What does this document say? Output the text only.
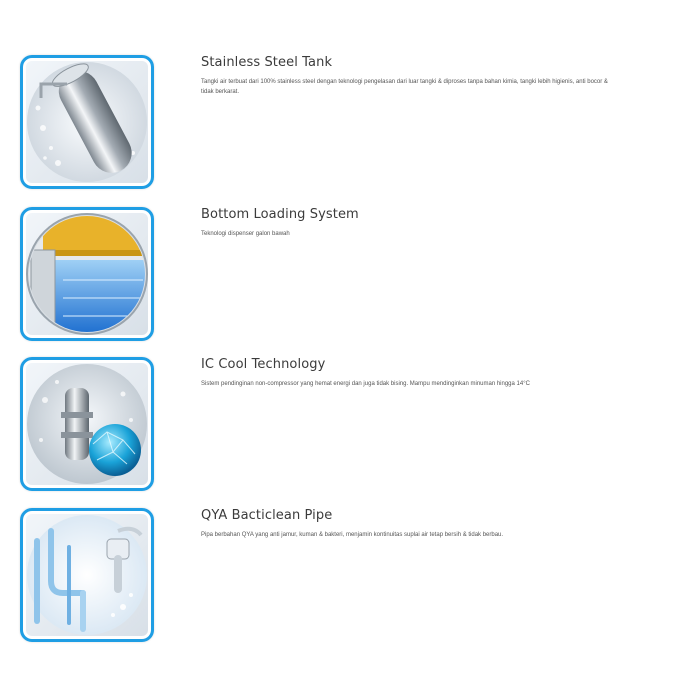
Stainless Steel Tank
Tangki air terbuat dari 100% stainless steel dengan teknologi pengelasan dari luar tangki & diproses tanpa bahan kimia, tangki lebih higienis, anti bocor & tidak berkarat.
Bottom Loading System
Teknologi dispenser galon bawah
IC Cool Technology
Sistem pendinginan non-compressor yang hemat energi dan juga tidak bising. Mampu mendinginkan minuman hingga 14°C
QYA Bacticlean Pipe
Pipa berbahan QYA yang anti jamur, kuman & bakteri, menjamin kontinuitas suplai air tetap bersih & tidak berbau.
